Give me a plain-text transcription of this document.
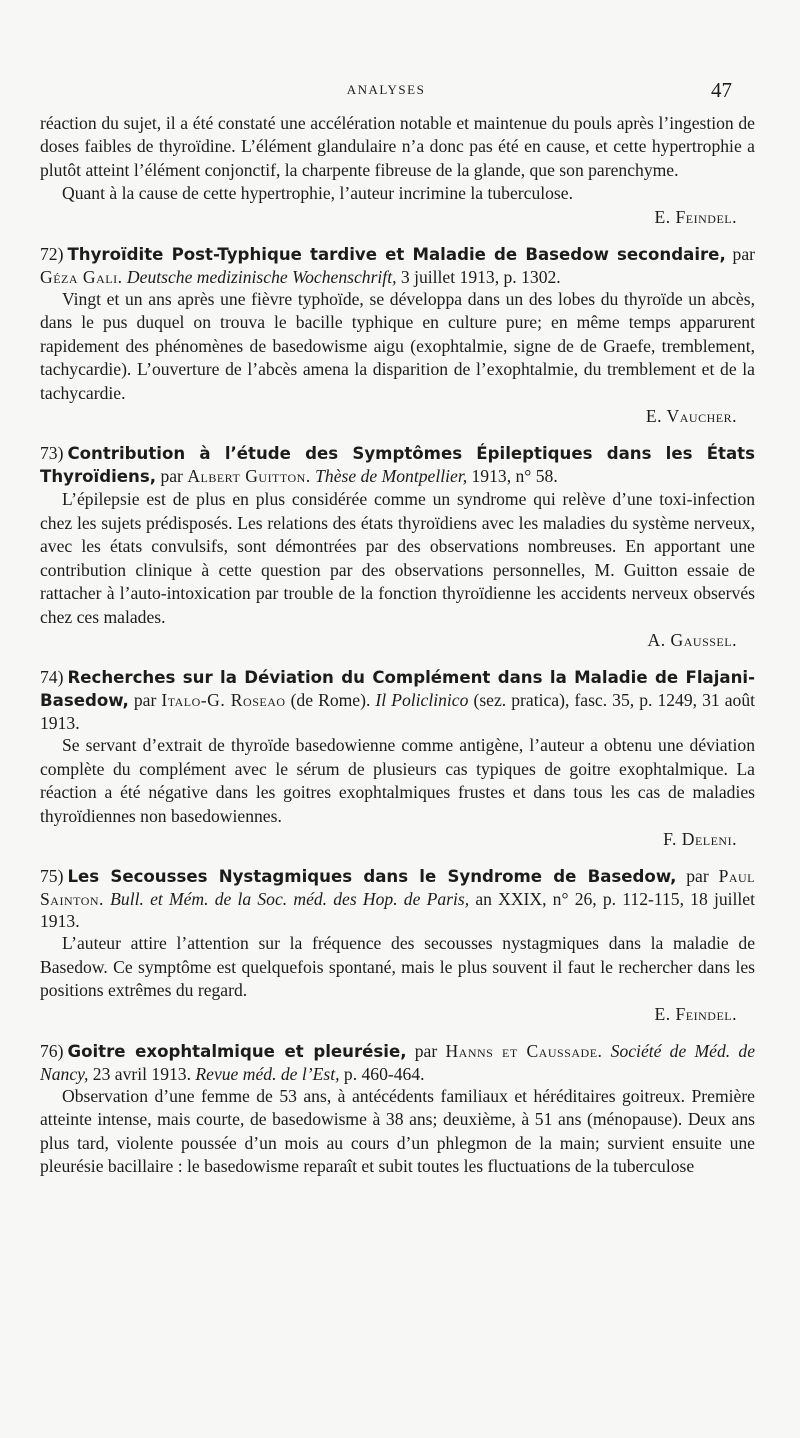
ANALYSES	47

réaction du sujet, il a été constaté une accélération notable et maintenue du pouls après l’ingestion de doses faibles de thyroïdine. L’élément glandulaire n’a donc pas été en cause, et cette hypertrophie a plutôt atteint l’élément conjonctif, la charpente fibreuse de la glande, que son parenchyme.

Quant à la cause de cette hypertrophie, l’auteur incrimine la tuberculose.

E. Feindel.

72) Thyroïdite Post-Typhique tardive et Maladie de Basedow secondaire, par Géza Gali. Deutsche medizinische Wochenschrift, 3 juillet 1913, p. 1302.

Vingt et un ans après une fièvre typhoïde, se développa dans un des lobes du thyroïde un abcès, dans le pus duquel on trouva le bacille typhique en culture pure; en même temps apparurent rapidement des phénomènes de basedowisme aigu (exophtalmie, signe de de Graefe, tremblement, tachycardie). L’ouverture de l’abcès amena la disparition de l’exophtalmie, du tremblement et de la tachycardie.

E. Vaucher.

73) Contribution à l’étude des Symptômes Épileptiques dans les États Thyroïdiens, par Albert Guitton. Thèse de Montpellier, 1913, n° 58.

L’épilepsie est de plus en plus considérée comme un syndrome qui relève d’une toxi-infection chez les sujets prédisposés. Les relations des états thyroïdiens avec les maladies du système nerveux, avec les états convulsifs, sont démontrées par des observations nombreuses. En apportant une contribution clinique à cette question par des observations personnelles, M. Guitton essaie de rattacher à l’auto-intoxication par trouble de la fonction thyroïdienne les accidents nerveux observés chez ces malades.

A. Gaussel.

74) Recherches sur la Déviation du Complément dans la Maladie de Flajani-Basedow, par Italo-G. Roseao (de Rome). Il Policlinico (sez. pratica), fasc. 35, p. 1249, 31 août 1913.

Se servant d’extrait de thyroïde basedowienne comme antigène, l’auteur a obtenu une déviation complète du complément avec le sérum de plusieurs cas typiques de goitre exophtalmique. La réaction a été négative dans les goitres exophtalmiques frustes et dans tous les cas de maladies thyroïdiennes non basedowiennes.

F. Deleni.

75) Les Secousses Nystagmiques dans le Syndrome de Basedow, par Paul Sainton. Bull. et Mém. de la Soc. méd. des Hop. de Paris, an XXIX, n° 26, p. 112-115, 18 juillet 1913.

L’auteur attire l’attention sur la fréquence des secousses nystagmiques dans la maladie de Basedow. Ce symptôme est quelquefois spontané, mais le plus souvent il faut le rechercher dans les positions extrêmes du regard.

E. Feindel.

76) Goitre exophtalmique et pleurésie, par Hanns et Caussade. Société de Méd. de Nancy, 23 avril 1913. Revue méd. de l’Est, p. 460-464.

Observation d’une femme de 53 ans, à antécédents familiaux et héréditaires goitreux. Première atteinte intense, mais courte, de basedowisme à 38 ans; deuxième, à 51 ans (ménopause). Deux ans plus tard, violente poussée d’un mois au cours d’un phlegmon de la main; survient ensuite une pleurésie bacillaire : le basedowisme reparaît et subit toutes les fluctuations de la tuberculose
